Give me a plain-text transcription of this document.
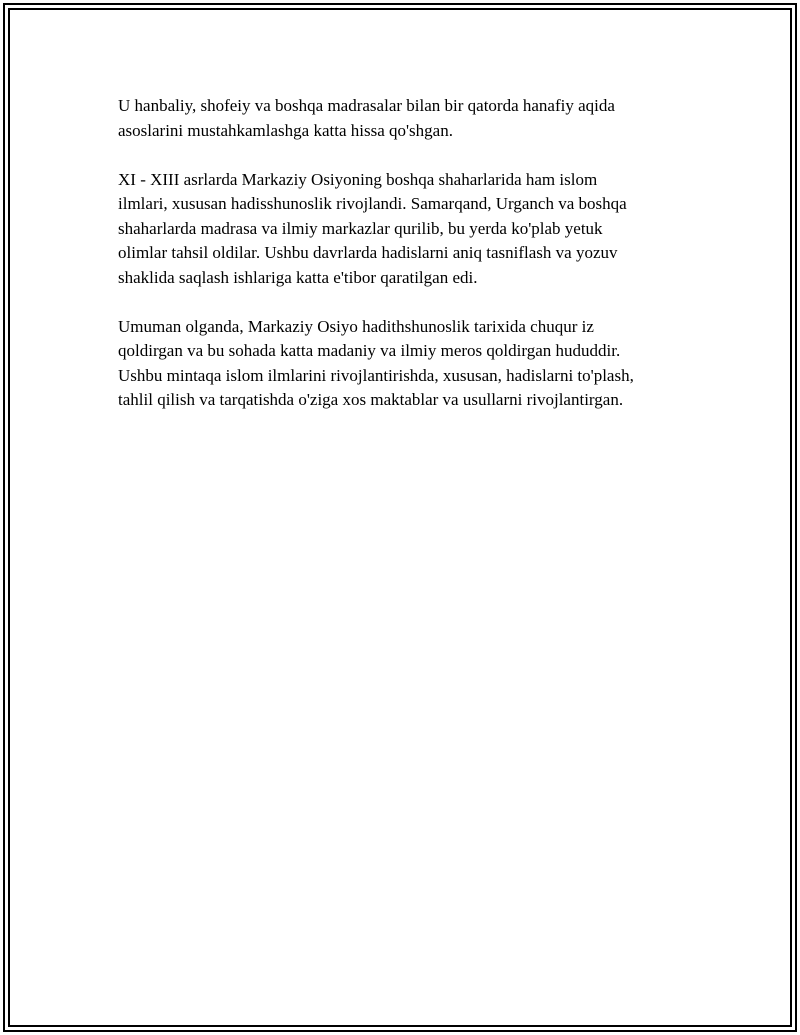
U hanbaliy, shofeiy va boshqa madrasalar bilan bir qatorda hanafiy aqida
asoslarini mustahkamlashga katta hissa qo'shgan.

XI - XIII asrlarda Markaziy Osiyoning boshqa shaharlarida ham islom
ilmlari, xususan hadisshunoslik rivojlandi. Samarqand, Urganch va boshqa
shaharlarda madrasa va ilmiy markazlar qurilib, bu yerda ko'plab yetuk
olimlar tahsil oldilar. Ushbu davrlarda hadislarni aniq tasniflash va yozuv
shaklida saqlash ishlariga katta e'tibor qaratilgan edi.

Umuman olganda, Markaziy Osiyo hadithshunoslik tarixida chuqur iz
qoldirgan va bu sohada katta madaniy va ilmiy meros qoldirgan hududdir.
Ushbu mintaqa islom ilmlarini rivojlantirishda, xususan, hadislarni to'plash,
tahlil qilish va tarqatishda o'ziga xos maktablar va usullarni rivojlantirgan.
